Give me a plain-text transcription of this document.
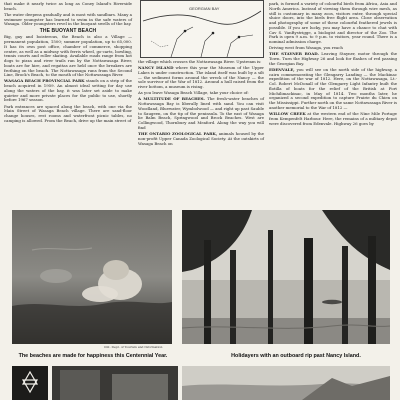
that make it nearly twice as long as Coney Island's Riverside beach.

The water deepens gradually and is most with sandbars. Many a swimmer youngster has learned to swim in the safe waters of Wasaga. Older youngsters revel in the buoyant swells of the bay.

THE BUOYANT BEACH

Big, gay and boisterous, the Beach is also a Village — permanent population, 1500; summer population, up to 65,000. It has its own post office, chamber of commerce, shopping centre, as well as a midway with ferris wheel, go-carts, bowling, tennis courts and roller skating. Available roads range from hot dogs to pizza and river trails run by the Nottawasaga River, boats are for hire, and regattas are held once the breakers are frothing on the beach. The Nottawasaga runs from the Second Line, Brock's Beach, to the mouth of the Nottawasaga River.

WASAGA BEACH PROVINCIAL PARK stands on a strip of the beach acquired in 1959. An almost ideal setting for day use along the waters of the bay, it was later set aside to make quieter and more private places for the public to use, shortly before 1967 season.

Park entrances are spaced along the beach, with one via the Main Street of Wasaga Beach village. There are sand-floor change houses, rest rooms and waterfront picnic tables, no camping is allowed. From the Beach, drive up the main street of

GEORGIAN BAY

the village which crosses the Nottawasaga River. Upstream is:

NANCY ISLAND where this year the Museum of the Upper Lakes is under construction. The island itself was built by a silt — the sediment forms around the wreck of the Nancy — the sole survivor of the War of 1812. Around a hull raised from the river bottom, a museum is rising.

As you leave Wasaga Beach Village, take your choice of:

A MULTITUDE OF BEACHES. The fresh-water beaches of Nottawasaga Bay is liberally lined with sand. You can visit Woodland, Bluewater, Wymbolwood — and right up past Sauble to Saugeen, on the tip of the peninsula. To the east of Wasaga lie Balm Beach, Springwood and Brock Beaches. West are Collingwood, Thornbury and Meaford. Along the way you will find

THE ONTARIO ZOOLOGICAL PARK, animals housed by the non-profit Upper Canada Zoological Society. At the outskirts of Wasaga Beach on

park, is formed a variety of colourful birds from Africa, Asia and North America. Instead of viewing them through wire mesh, as still is customary in many zoos, visitors enter, through special sluice doors, into the birds free flight area. Close observation and photography of some of these colourful feathered jewels is possible. If you are lucky, you may have a chance to chat with Cav S. VanBystrigge, a biologist and director of the Zoo. The Park is open 9 a.m. to 9 p.m. to visitors, year round. There is a nominal admission charge.

Driving west from Wasaga, you reach

THE STAYNER ROAD. Leaving Stayner, motor through the Town. Turn the Highway 26 and look for flashes of red passing the Georgian Bay.

EDENVALE, you will see on the north side of the highway, a cairn commemorating the Glengarry Landing — the Mackinac expedition of the war of 1812. Here, on the Nottawasaga, Lt.-Col. Robert McDonall of the Glengarry Light Infantry built the flotilla of boats for the relief of the British at Fort Michilimackinac, in May of 1814. Two months later, he organized a second expedition to capture Prairie du Chien on the Mississippi. Further north on the same Nottawasaga River is another memorial to the War of 1812 —

WILLOW CREEK at the western end of the Nine Mile Portage from Kempenfelt Harbour. Here, the remains of a military depot were discovered from Edenvale. Highway 26 goes by

Ont. Dept. of Tourism and Information
The beaches are made for happiness this Centennial Year.	Holidayers with an outboard rip past Nancy Island.
